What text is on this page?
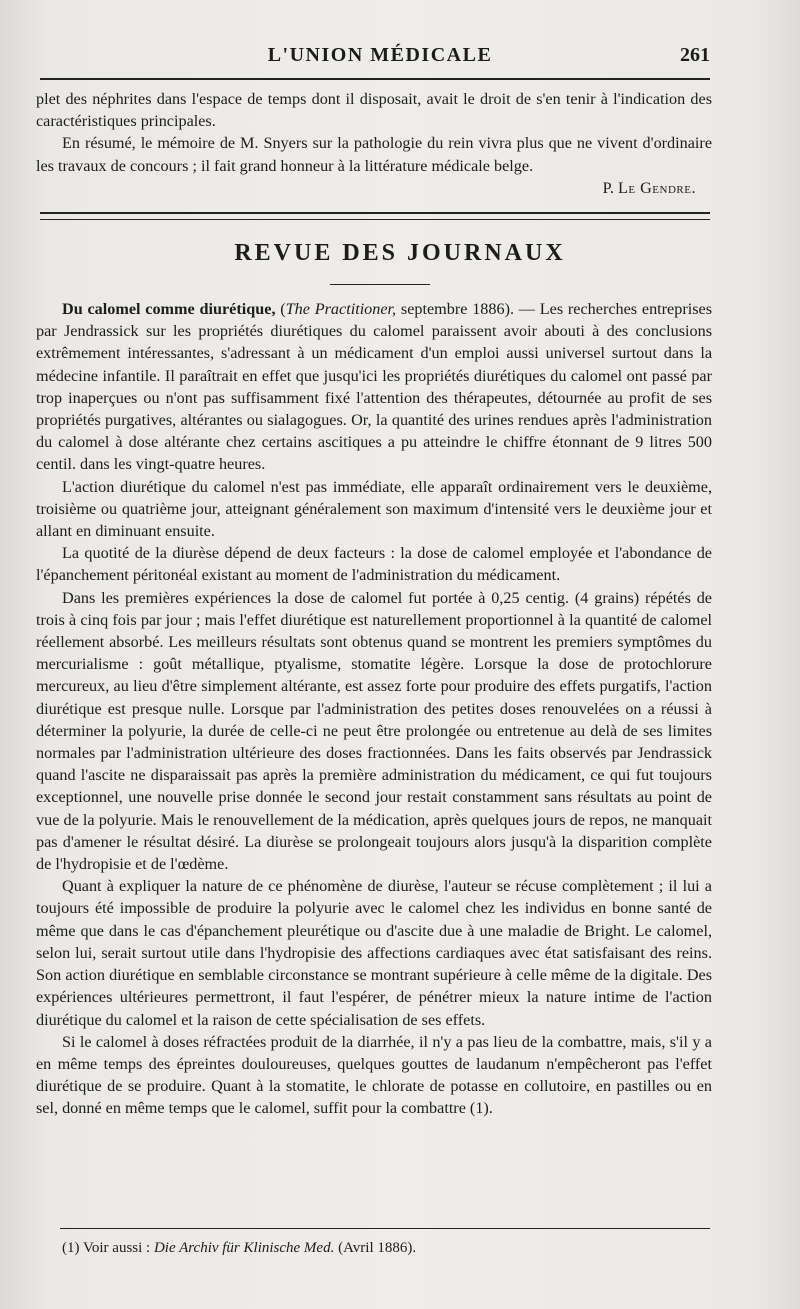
L'UNION MÉDICALE	261

plet des néphrites dans l'espace de temps dont il disposait, avait le droit de s'en tenir à l'indication des caractéristiques principales.

En résumé, le mémoire de M. Snyers sur la pathologie du rein vivra plus que ne vivent d'ordinaire les travaux de concours ; il fait grand honneur à la littérature médicale belge.

P. Le Gendre.

REVUE DES JOURNAUX

Du calomel comme diurétique, (The Practitioner, septembre 1886). — Les recherches entreprises par Jendrassick sur les propriétés diurétiques du calomel paraissent avoir abouti à des conclusions extrêmement intéressantes, s'adressant à un médicament d'un emploi aussi universel surtout dans la médecine infantile. Il paraîtrait en effet que jusqu'ici les propriétés diurétiques du calomel ont passé par trop inaperçues ou n'ont pas suffisamment fixé l'attention des thérapeutes, détournée au profit de ses propriétés purgatives, altérantes ou sialagogues. Or, la quantité des urines rendues après l'administration du calomel à dose altérante chez certains ascitiques a pu atteindre le chiffre étonnant de 9 litres 500 centil. dans les vingt-quatre heures.

L'action diurétique du calomel n'est pas immédiate, elle apparaît ordinairement vers le deuxième, troisième ou quatrième jour, atteignant généralement son maximum d'intensité vers le deuxième jour et allant en diminuant ensuite.

La quotité de la diurèse dépend de deux facteurs : la dose de calomel employée et l'abondance de l'épanchement péritonéal existant au moment de l'administration du médicament.

Dans les premières expériences la dose de calomel fut portée à 0,25 centig. (4 grains) répétés de trois à cinq fois par jour ; mais l'effet diurétique est naturellement proportionnel à la quantité de calomel réellement absorbé. Les meilleurs résultats sont obtenus quand se montrent les premiers symptômes du mercurialisme : goût métallique, ptyalisme, stomatite légère. Lorsque la dose de protochlorure mercureux, au lieu d'être simplement altérante, est assez forte pour produire des effets purgatifs, l'action diurétique est presque nulle. Lorsque par l'administration des petites doses renouvelées on a réussi à déterminer la polyurie, la durée de celle-ci ne peut être prolongée ou entretenue au delà de ses limites normales par l'administration ultérieure des doses fractionnées. Dans les faits observés par Jendrassick quand l'ascite ne disparaissait pas après la première administration du médicament, ce qui fut toujours exceptionnel, une nouvelle prise donnée le second jour restait constamment sans résultats au point de vue de la polyurie. Mais le renouvellement de la médication, après quelques jours de repos, ne manquait pas d'amener le résultat désiré. La diurèse se prolongeait toujours alors jusqu'à la disparition complète de l'hydropisie et de l'œdème.

Quant à expliquer la nature de ce phénomène de diurèse, l'auteur se récuse complètement ; il lui a toujours été impossible de produire la polyurie avec le calomel chez les individus en bonne santé de même que dans le cas d'épanchement pleurétique ou d'ascite due à une maladie de Bright. Le calomel, selon lui, serait surtout utile dans l'hydropisie des affections cardiaques avec état satisfaisant des reins. Son action diurétique en semblable circonstance se montrant supérieure à celle même de la digitale. Des expériences ultérieures permettront, il faut l'espérer, de pénétrer mieux la nature intime de l'action diurétique du calomel et la raison de cette spécialisation de ses effets.

Si le calomel à doses réfractées produit de la diarrhée, il n'y a pas lieu de la combattre, mais, s'il y a en même temps des épreintes douloureuses, quelques gouttes de laudanum n'empêcheront pas l'effet diurétique de se produire. Quant à la stomatite, le chlorate de potasse en collutoire, en pastilles ou en sel, donné en même temps que le calomel, suffit pour la combattre (1).

(1) Voir aussi : Die Archiv für Klinische Med. (Avril 1886).
